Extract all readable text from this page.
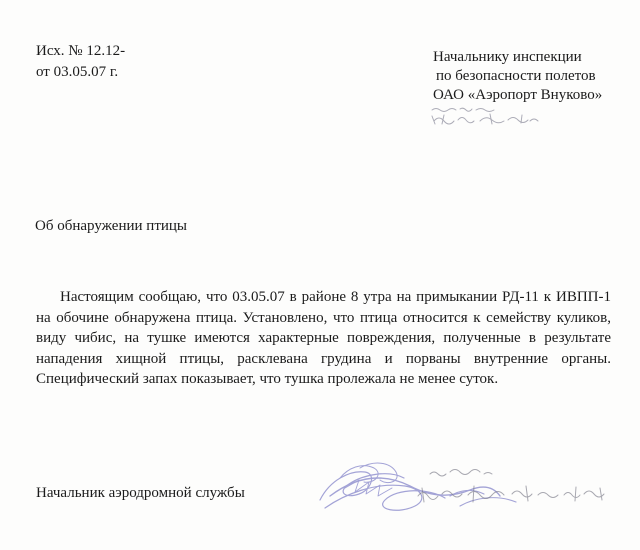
Исх. № 12.12-
от 03.05.07 г.
Начальнику инспекции
по безопасности полетов
ОАО «Аэропорт Внуково»
Об обнаружении птицы
Настоящим сообщаю, что 03.05.07 в районе 8 утра на примыкании РД-11 к ИВПП-1 на обочине обнаружена птица. Установлено, что птица относится к семейству куликов, виду чибис, на тушке имеются характерные повреждения, полученные в результате нападения хищной птицы, расклевана грудина и порваны внутренние органы. Специфический запах показывает, что тушка пролежала не менее суток.
Начальник аэродромной службы
